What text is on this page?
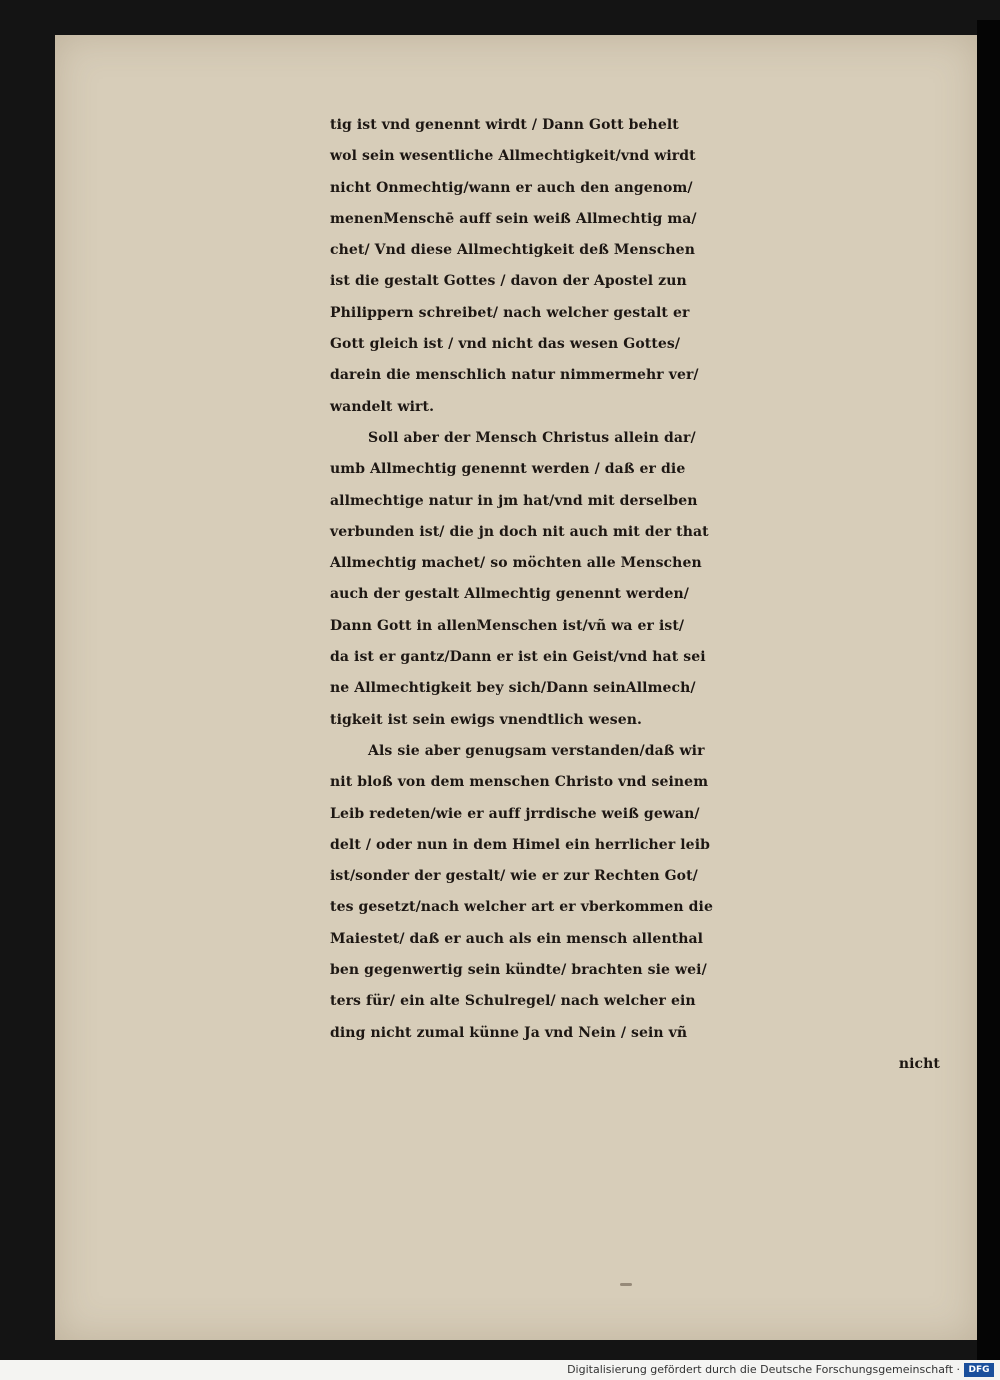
tig ist vnd genennt wirdt / Dann Gott behelt
wol sein wesentliche Allmechtigkeit/vnd wirdt
nicht Onmechtig/wann er auch den angenom/
menenMenschē auff sein weiß Allmechtig ma/
chet/ Vnd diese Allmechtigkeit deß Menschen
ist die gestalt Gottes / davon der Apostel zun
Philippern schreibet/ nach welcher gestalt er
Gott gleich ist / vnd nicht das wesen Gottes/
darein die menschlich natur nimmermehr ver/
wandelt wirt.
Soll aber der Mensch Christus allein dar/
umb Allmechtig genennt werden / daß er die
allmechtige natur in jm hat/vnd mit derselben
verbunden ist/ die jn doch nit auch mit der that
Allmechtig machet/ so möchten alle Menschen
auch der gestalt Allmechtig genennt werden/
Dann Gott in allenMenschen ist/vñ wa er ist/
da ist er gantz/Dann er ist ein Geist/vnd hat sei
ne Allmechtigkeit bey sich/Dann seinAllmech/
tigkeit ist sein ewigs vnendtlich wesen.
Als sie aber genugsam verstanden/daß wir
nit bloß von dem menschen Christo vnd seinem
Leib redeten/wie er auff jrrdische weiß gewan/
delt / oder nun in dem Himel ein herrlicher leib
ist/sonder der gestalt/ wie er zur Rechten Got/
tes gesetzt/nach welcher art er vberkommen die
Maiestet/ daß er auch als ein mensch allenthal
ben gegenwertig sein kündte/ brachten sie wei/
ters für/ ein alte Schulregel/ nach welcher ein
ding nicht zumal künne Ja vnd Nein / sein vñ
nicht
Digitalisierung gefördert durch die Deutsche Forschungsgemeinschaft · DFG
